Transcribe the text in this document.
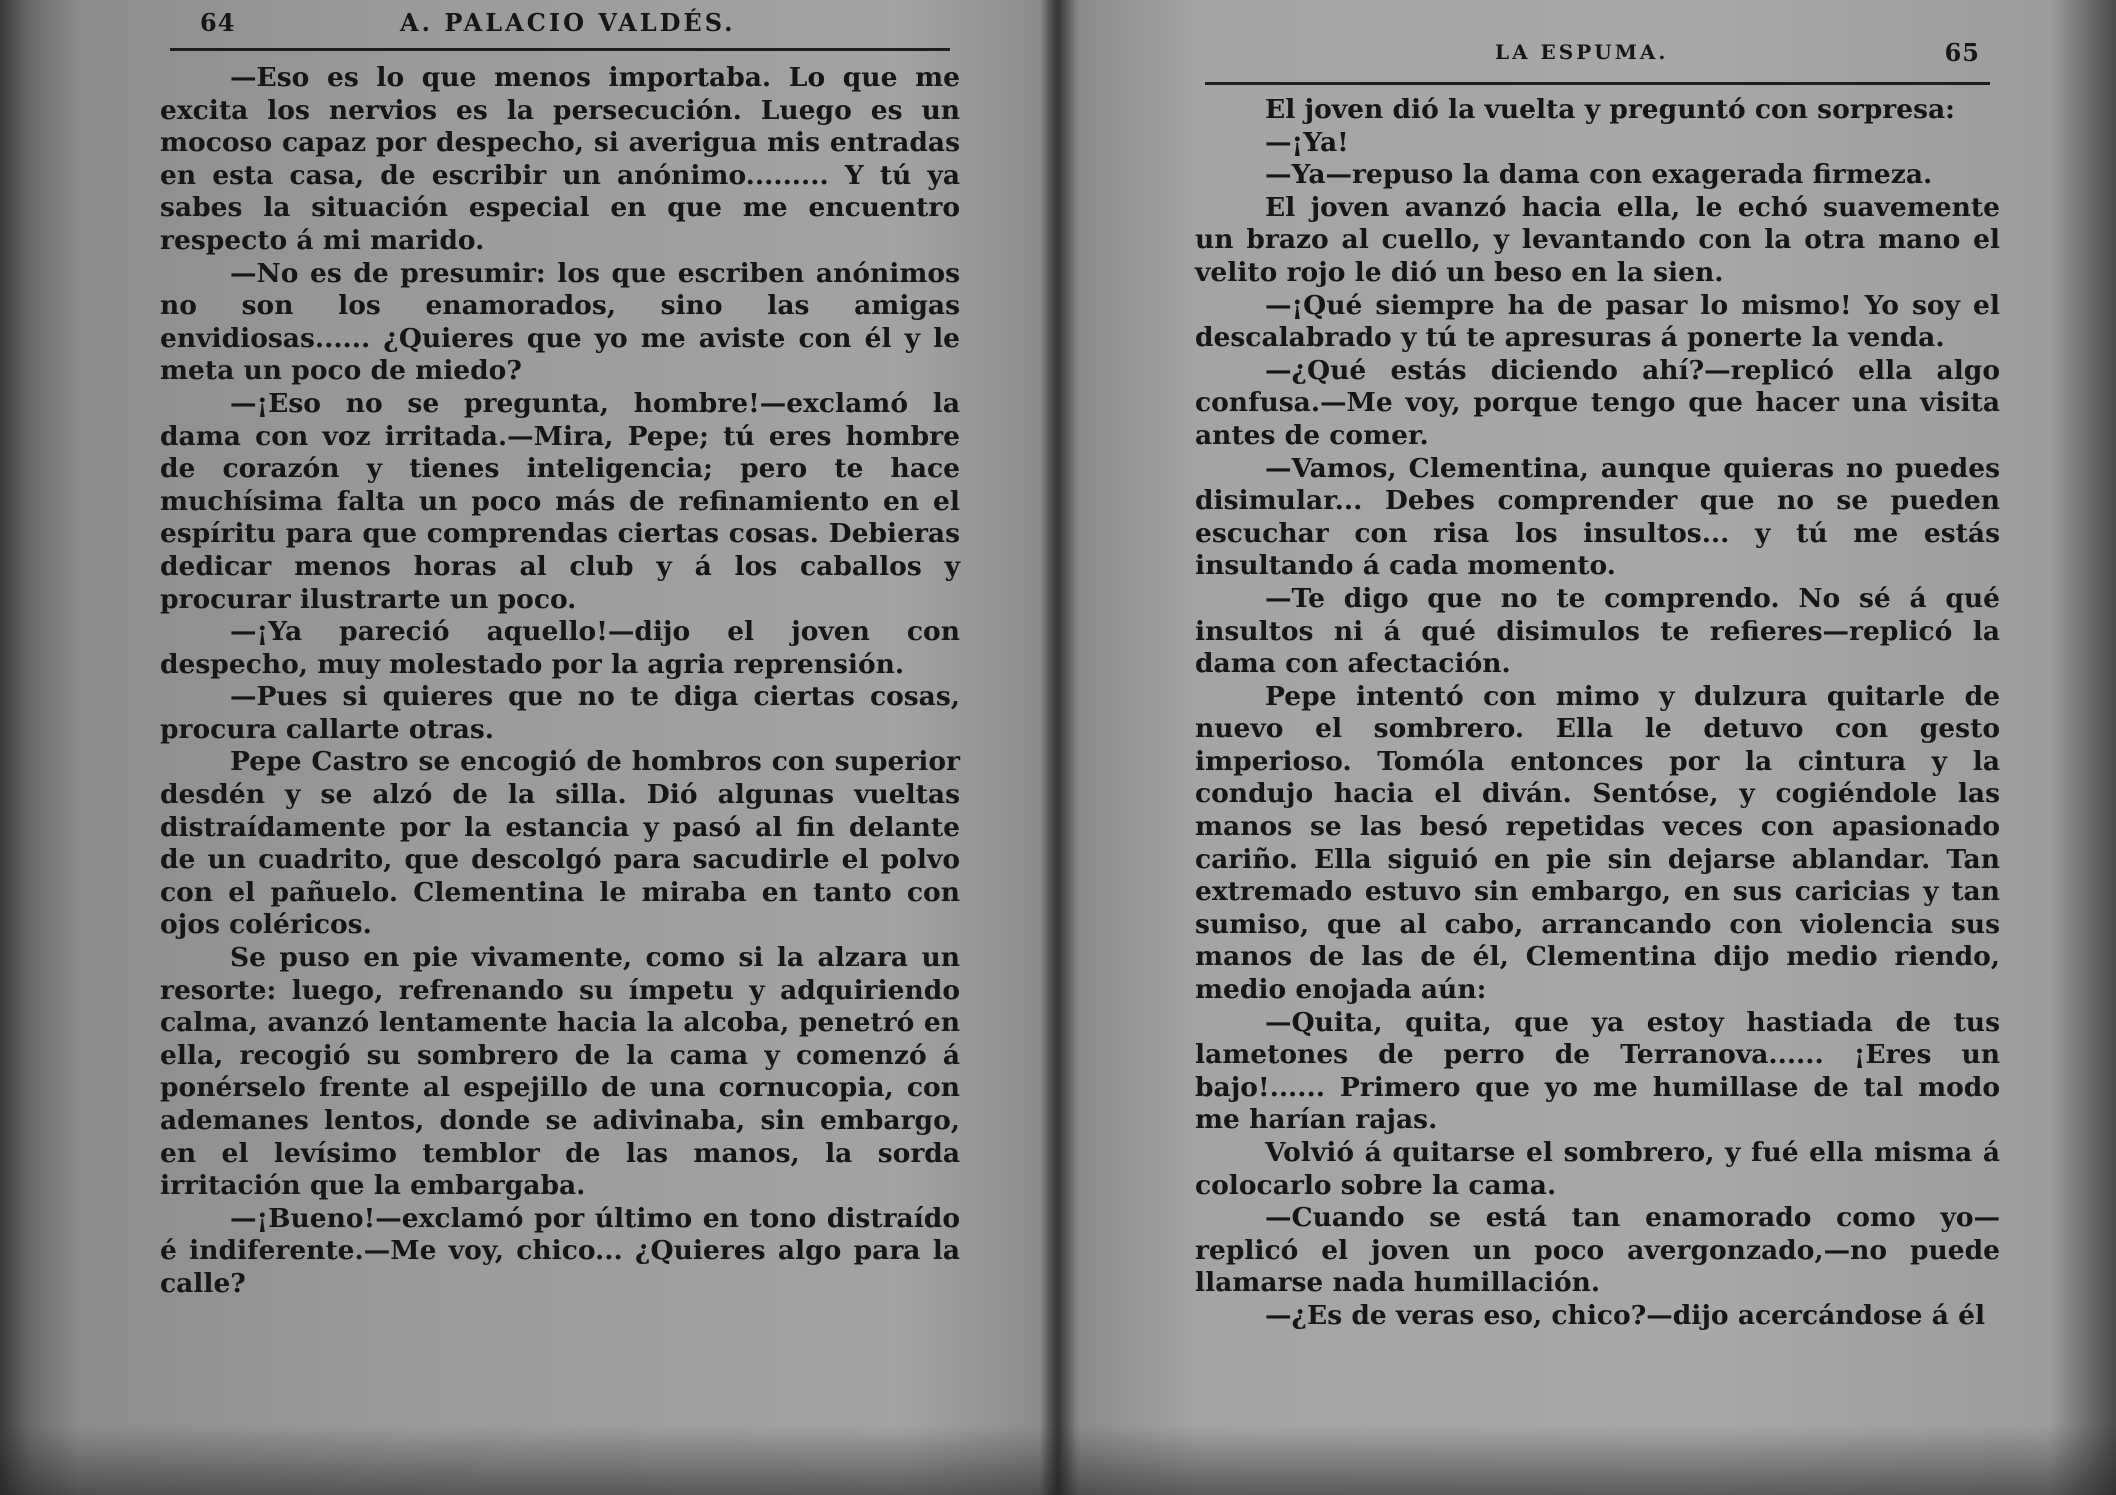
64	A. PALACIO VALDÉS.

—Eso es lo que menos importaba. Lo que me excita los nervios es la persecución. Luego es un mocoso capaz por despecho, si averigua mis entradas en esta casa, de escribir un anónimo......... Y tú ya sabes la situación especial en que me encuentro respecto á mi marido.

—No es de presumir: los que escriben anónimos no son los enamorados, sino las amigas envidiosas...... ¿Quieres que yo me aviste con él y le meta un poco de miedo?

—¡Eso no se pregunta, hombre!—exclamó la dama con voz irritada.—Mira, Pepe; tú eres hombre de corazón y tienes inteligencia; pero te hace muchísima falta un poco más de refinamiento en el espíritu para que comprendas ciertas cosas. Debieras dedicar menos horas al club y á los caballos y procurar ilustrarte un poco.

—¡Ya pareció aquello!—dijo el joven con despecho, muy molestado por la agria reprensión.

—Pues si quieres que no te diga ciertas cosas, procura callarte otras.

Pepe Castro se encogió de hombros con superior desdén y se alzó de la silla. Dió algunas vueltas distraídamente por la estancia y pasó al fin delante de un cuadrito, que descolgó para sacudirle el polvo con el pañuelo. Clementina le miraba en tanto con ojos coléricos.

Se puso en pie vivamente, como si la alzara un resorte: luego, refrenando su ímpetu y adquiriendo calma, avanzó lentamente hacia la alcoba, penetró en ella, recogió su sombrero de la cama y comenzó á ponérselo frente al espejillo de una cornucopia, con ademanes lentos, donde se adivinaba, sin embargo, en el levísimo temblor de las manos, la sorda irritación que la embargaba.

—¡Bueno!—exclamó por último en tono distraído é indiferente.—Me voy, chico... ¿Quieres algo para la calle?

LA ESPUMA.	65

El joven dió la vuelta y preguntó con sorpresa:

—¡Ya!

—Ya—repuso la dama con exagerada firmeza.

El joven avanzó hacia ella, le echó suavemente un brazo al cuello, y levantando con la otra mano el velito rojo le dió un beso en la sien.

—¡Qué siempre ha de pasar lo mismo! Yo soy el descalabrado y tú te apresuras á ponerte la venda.

—¿Qué estás diciendo ahí?—replicó ella algo confusa.—Me voy, porque tengo que hacer una visita antes de comer.

—Vamos, Clementina, aunque quieras no puedes disimular... Debes comprender que no se pueden escuchar con risa los insultos... y tú me estás insultando á cada momento.

—Te digo que no te comprendo. No sé á qué insultos ni á qué disimulos te refieres—replicó la dama con afectación.

Pepe intentó con mimo y dulzura quitarle de nuevo el sombrero. Ella le detuvo con gesto imperioso. Tomóla entonces por la cintura y la condujo hacia el diván. Sentóse, y cogiéndole las manos se las besó repetidas veces con apasionado cariño. Ella siguió en pie sin dejarse ablandar. Tan extremado estuvo sin embargo, en sus caricias y tan sumiso, que al cabo, arrancando con violencia sus manos de las de él, Clementina dijo medio riendo, medio enojada aún:

—Quita, quita, que ya estoy hastiada de tus lametones de perro de Terranova...... ¡Eres un bajo!...... Primero que yo me humillase de tal modo me harían rajas.

Volvió á quitarse el sombrero, y fué ella misma á colocarlo sobre la cama.

—Cuando se está tan enamorado como yo—replicó el joven un poco avergonzado,—no puede llamarse nada humillación.

—¿Es de veras eso, chico?—dijo acercándose á él
